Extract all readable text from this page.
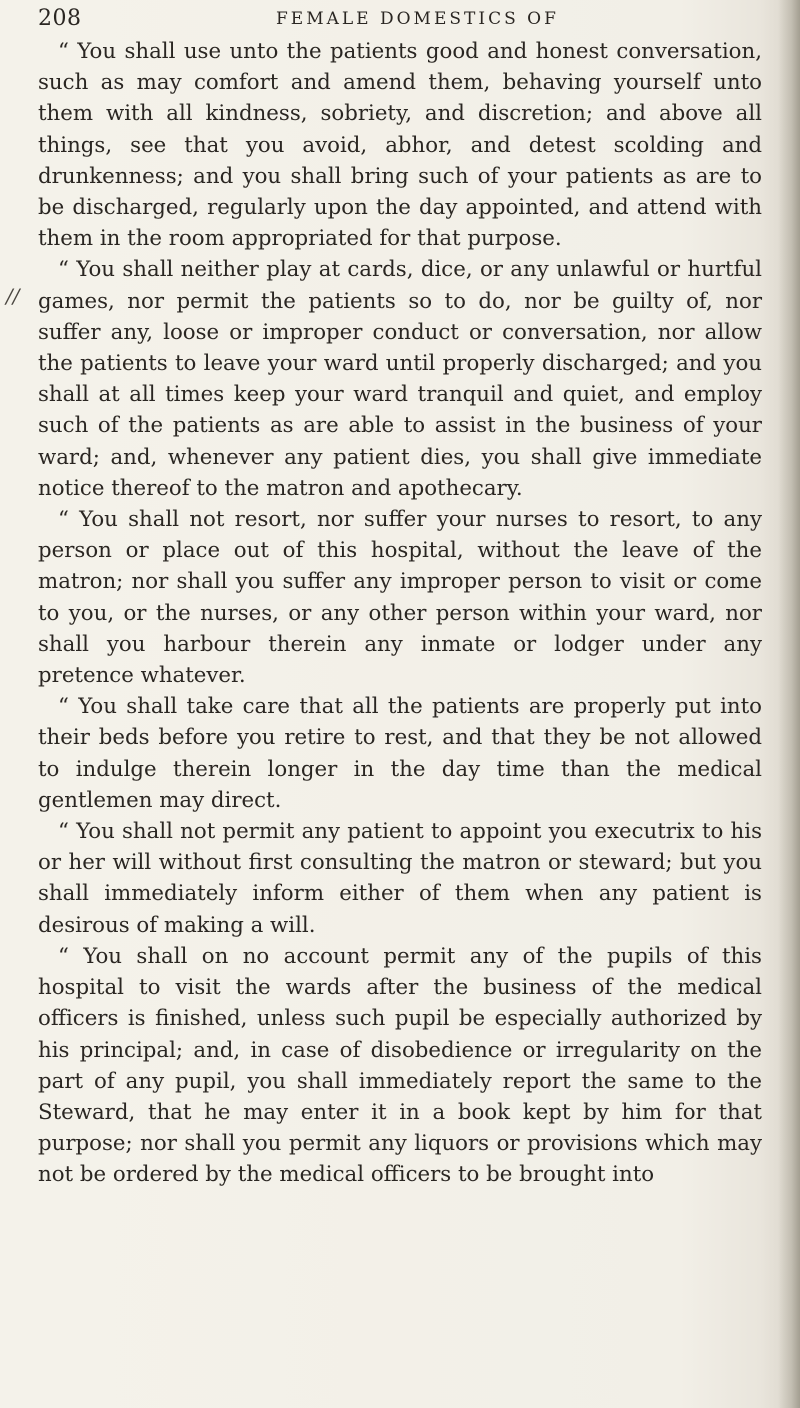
208	FEMALE DOMESTICS OF
//

“ You shall use unto the patients good and honest conversation, such as may comfort and amend them, behaving yourself unto them with all kindness, sobriety, and discretion; and above all things, see that you avoid, abhor, and detest scolding and drunkenness; and you shall bring such of your patients as are to be discharged, regularly upon the day appointed, and attend with them in the room appropriated for that purpose.

“ You shall neither play at cards, dice, or any unlawful or hurtful games, nor permit the patients so to do, nor be guilty of, nor suffer any, loose or improper conduct or conversation, nor allow the patients to leave your ward until properly discharged; and you shall at all times keep your ward tranquil and quiet, and employ such of the patients as are able to assist in the business of your ward; and, whenever any patient dies, you shall give immediate notice thereof to the matron and apothecary.

“ You shall not resort, nor suffer your nurses to resort, to any person or place out of this hospital, without the leave of the matron; nor shall you suffer any improper person to visit or come to you, or the nurses, or any other person within your ward, nor shall you harbour therein any inmate or lodger under any pretence whatever.

“ You shall take care that all the patients are properly put into their beds before you retire to rest, and that they be not allowed to indulge therein longer in the day time than the medical gentlemen may direct.

“ You shall not permit any patient to appoint you executrix to his or her will without first consulting the matron or steward; but you shall immediately inform either of them when any patient is desirous of making a will.

“ You shall on no account permit any of the pupils of this hospital to visit the wards after the business of the medical officers is finished, unless such pupil be especially authorized by his principal; and, in case of disobedience or irregularity on the part of any pupil, you shall immediately report the same to the Steward, that he may enter it in a book kept by him for that purpose; nor shall you permit any liquors or provisions which may not be ordered by the medical officers to be brought into
